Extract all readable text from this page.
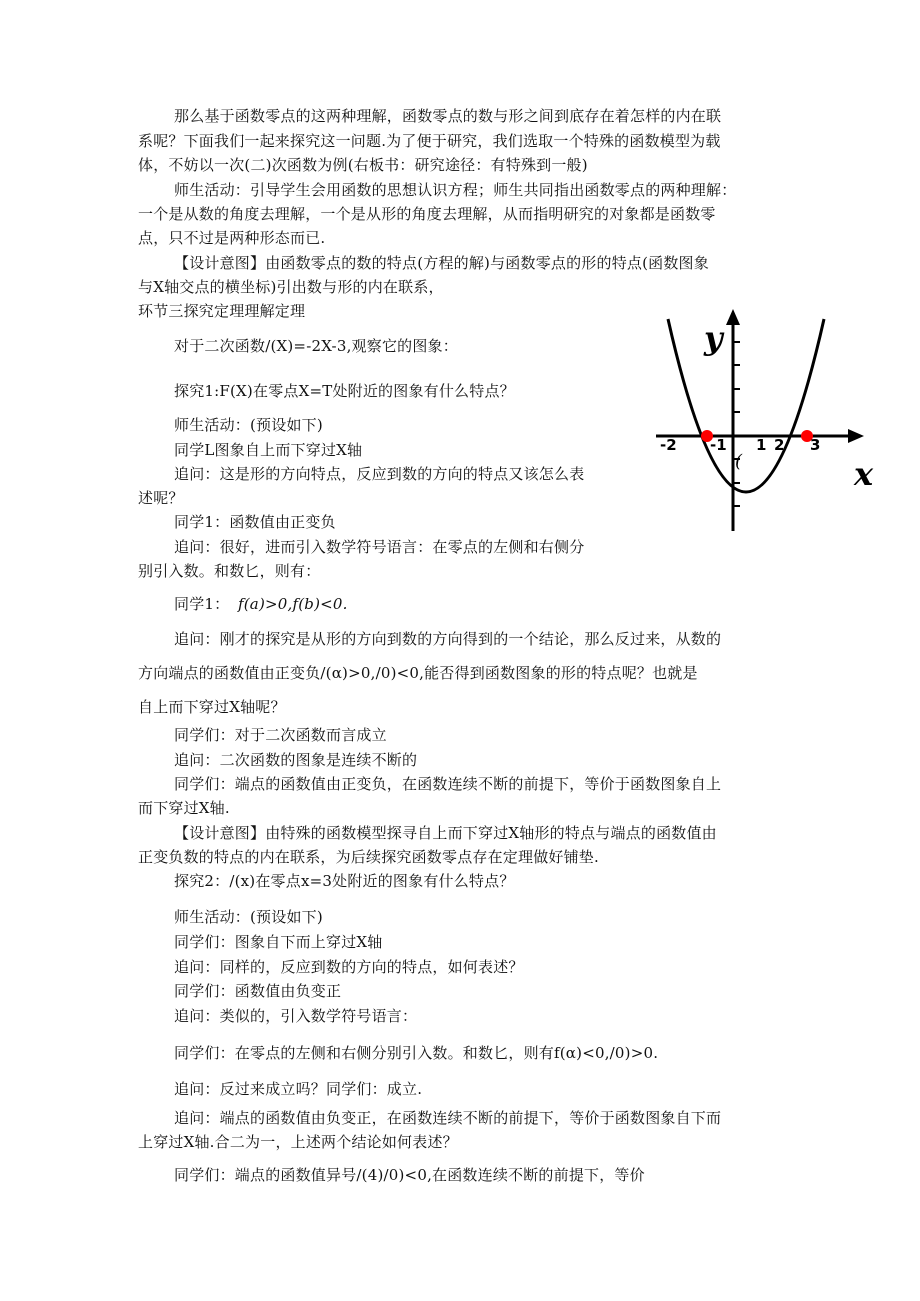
那么基于函数零点的这两种理解，函数零点的数与形之间到底存在着怎样的内在联
系呢？下面我们一起来探究这一问题.为了便于研究，我们选取一个特殊的函数模型为载
体，不妨以一次(二)次函数为例(右板书：研究途径：有特殊到一般)
师生活动：引导学生会用函数的思想认识方程；师生共同指出函数零点的两种理解：
一个是从数的角度去理解，一个是从形的角度去理解，从而指明研究的对象都是函数零
点，只不过是两种形态而已.
【设计意图】由函数零点的数的特点(方程的解)与函数零点的形的特点(函数图象
与X轴交点的横坐标)引出数与形的内在联系，
环节三探究定理理解定理
对于二次函数/(X)=-2X-3,观察它的图象：
探究1:F(X)在零点X=T处附近的图象有什么特点？
师生活动：(预设如下)
同学L图象自上而下穿过X轴
追问：这是形的方向特点，反应到数的方向的特点又该怎么表
述呢？
同学1：函数值由正变负
追问：很好，进而引入数学符号语言：在零点的左侧和右侧分
别引入数。和数匕，则有：
同学1： f(a)>0,f(b)<0.
追问：刚才的探究是从形的方向到数的方向得到的一个结论，那么反过来，从数的
方向端点的函数值由正变负/(α)>0,/0)<0,能否得到函数图象的形的特点呢？也就是
自上而下穿过X轴呢？
同学们：对于二次函数而言成立
追问：二次函数的图象是连续不断的
同学们：端点的函数值由正变负，在函数连续不断的前提下，等价于函数图象自上
而下穿过X轴.
【设计意图】由特殊的函数模型探寻自上而下穿过X轴形的特点与端点的函数值由
正变负数的特点的内在联系，为后续探究函数零点存在定理做好铺垫.
探究2：/(x)在零点x=3处附近的图象有什么特点？
师生活动：(预设如下)
同学们：图象自下而上穿过X轴
追问：同样的，反应到数的方向的特点，如何表述？
同学们：函数值由负变正
追问：类似的，引入数学符号语言：
同学们：在零点的左侧和右侧分别引入数。和数匕，则有f(α)<0,/0)>0.
追问：反过来成立吗？同学们：成立.
追问：端点的函数值由负变正，在函数连续不断的前提下，等价于函数图象自下而
上穿过X轴.合二为一，上述两个结论如何表述？
同学们：端点的函数值异号/(4)/0)<0,在函数连续不断的前提下，等价
y
x
-2 -1 1 2 3
(
